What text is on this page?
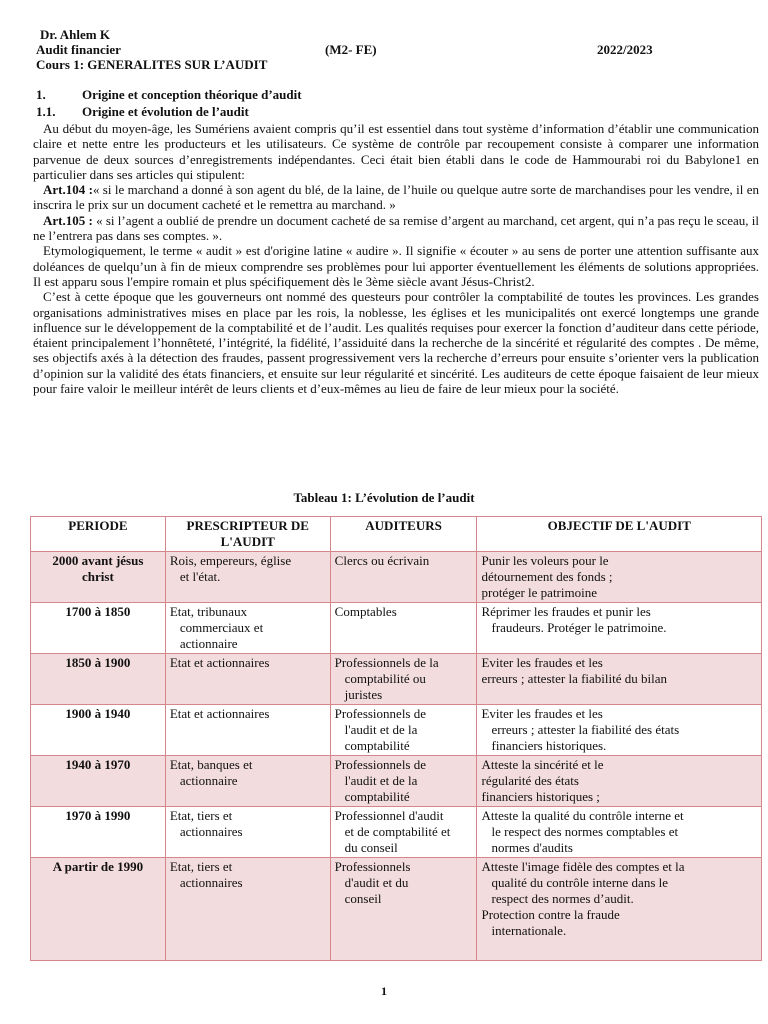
Dr. Ahlem K
Audit financier	(M2- FE)	2022/2023
Cours 1: GENERALITES SUR L’AUDIT
1.	Origine et conception théorique d’audit
1.1. Origine et évolution de l’audit

Au début du moyen-âge, les Sumériens avaient compris qu’il est essentiel dans tout système d’information d’établir une communication claire et nette entre les producteurs et les utilisateurs. Ce système de contrôle par recoupement consiste à comparer une information parvenue de deux sources d’enregistrements indépendantes. Ceci était bien établi dans le code de Hammourabi roi du Babylone1 en particulier dans ses articles qui stipulent:

Art.104 :« si le marchand a donné à son agent du blé, de la laine, de l’huile ou quelque autre sorte de marchandises pour les vendre, il en inscrira le prix sur un document cacheté et le remettra au marchand. »

Art.105 : « si l’agent a oublié de prendre un document cacheté de sa remise d’argent au marchand, cet argent, qui n’a pas reçu le sceau, il ne l’entrera pas dans ses comptes. ».

Etymologiquement, le terme « audit » est d'origine latine « audire ». Il signifie « écouter » au sens de porter une attention suffisante aux doléances de quelqu’un à fin de mieux comprendre ses problèmes pour lui apporter éventuellement les éléments de solutions appropriées. Il est apparu sous l'empire romain et plus spécifiquement dès le 3ème siècle avant Jésus-Christ2.

C’est à cette époque que les gouverneurs ont nommé des questeurs pour contrôler la comptabilité de toutes les provinces. Les grandes organisations administratives mises en place par les rois, la noblesse, les églises et les municipalités ont exercé longtemps une grande influence sur le développement de la comptabilité et de l’audit. Les qualités requises pour exercer la fonction d’auditeur dans cette période, étaient principalement l’honnêteté, l’intégrité, la fidélité, l’assiduité dans la recherche de la sincérité et régularité des comptes . De même, ses objectifs axés à la détection des fraudes, passent progressivement vers la recherche d’erreurs pour ensuite s’orienter vers la publication d’opinion sur la validité des états financiers, et ensuite sur leur régularité et sincérité. Les auditeurs de cette époque faisaient de leur mieux pour faire valoir le meilleur intérêt de leurs clients et d’eux-mêmes au lieu de faire de leur mieux pour la société.

Tableau 1: L’évolution de l’audit
PERIODE	PRESCRIPTEUR DE L'AUDIT	AUDITEURS	OBJECTIF DE L'AUDIT
2000 avant jésus christ	Rois, empereurs, église
et l'état.	Clercs ou écrivain	Punir les voleurs pour le
détournement des fonds ;
protéger le patrimoine

1700 à 1850	Etat, tribunaux
commerciaux et
actionnaire	Comptables	Réprimer les fraudes et punir les
fraudeurs. Protéger le patrimoine.

1850 à 1900	Etat et actionnaires	Professionnels de la
comptabilité ou
juristes	Eviter les fraudes et les
erreurs ; attester la fiabilité du bilan

1900 à 1940	Etat et actionnaires	Professionnels de
l'audit et de la
comptabilité	Eviter les fraudes et les
erreurs ; attester la fiabilité des états
financiers historiques.

1940 à 1970	Etat, banques et
actionnaire	Professionnels de
l'audit et de la
comptabilité	Atteste la sincérité et le
régularité des états
financiers historiques ;

1970 à 1990	Etat, tiers et
actionnaires	Professionnel d'audit
et de comptabilité et
du conseil	Atteste la qualité du contrôle interne et
le respect des normes comptables et
normes d'audits

A partir de 1990	Etat, tiers et
actionnaires	Professionnels
d'audit et du
conseil	Atteste l'image fidèle des comptes et la
qualité du contrôle interne dans le
respect des normes d’audit.
Protection contre la fraude
internationale.
1
